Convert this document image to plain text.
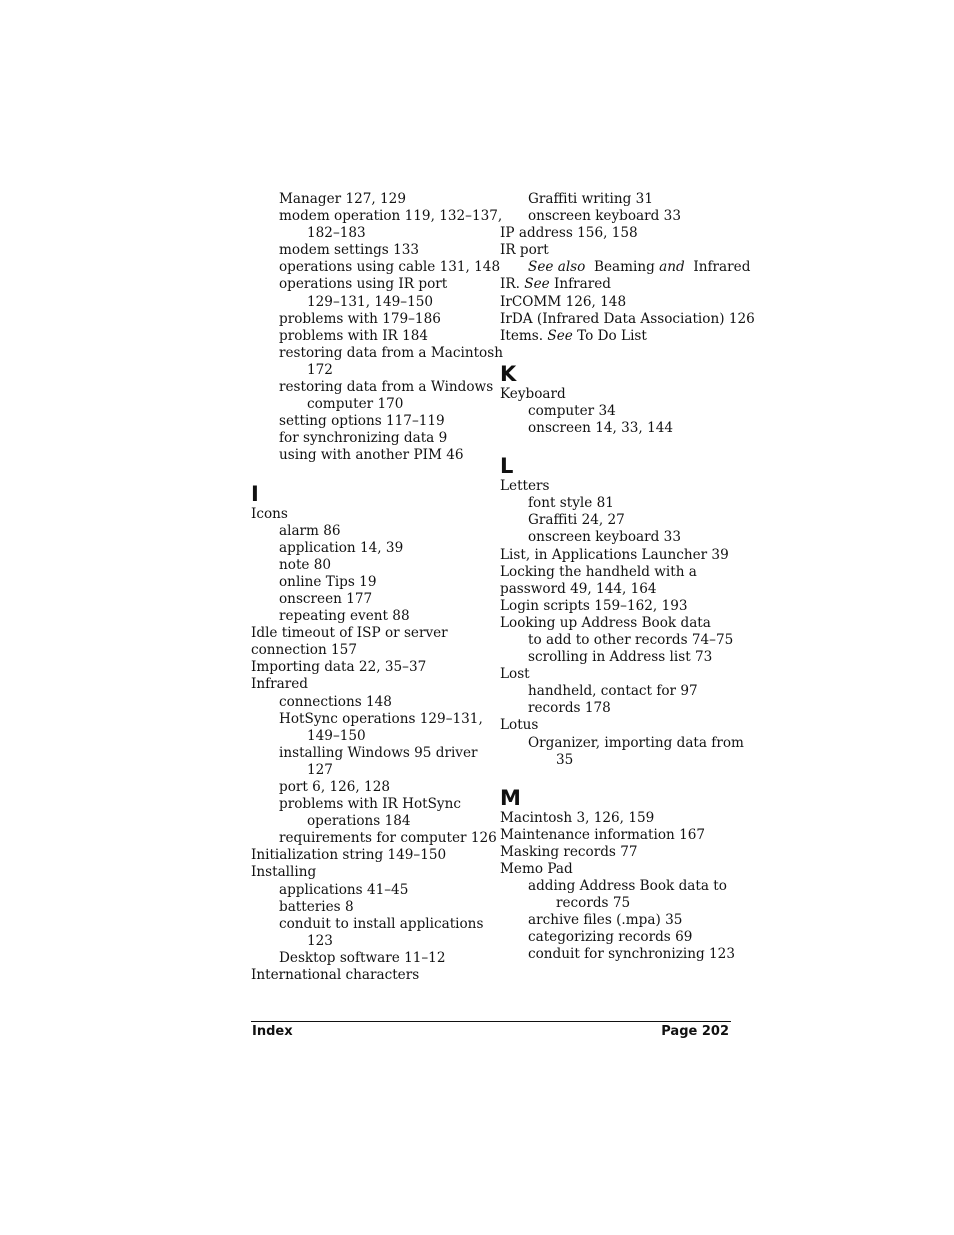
Manager 127, 129
modem operation 119, 132–137,
182–183
modem settings 133
operations using cable 131, 148
operations using IR port
129–131, 149–150
problems with 179–186
problems with IR 184
restoring data from a Macintosh
172
restoring data from a Windows
computer 170
setting options 117–119
for synchronizing data 9
using with another PIM 46
I
Icons
alarm 86
application 14, 39
note 80
online Tips 19
onscreen 177
repeating event 88
Idle timeout of ISP or server
connection 157
Importing data 22, 35–37
Infrared
connections 148
HotSync operations 129–131,
149–150
installing Windows 95 driver
127
port 6, 126, 128
problems with IR HotSync
operations 184
requirements for computer 126
Initialization string 149–150
Installing
applications 41–45
batteries 8
conduit to install applications
123
Desktop software 11–12
International characters
Graffiti writing 31
onscreen keyboard 33
IP address 156, 158
IR port
See also Beaming and Infrared
IR. See Infrared
IrCOMM 126, 148
IrDA (Infrared Data Association) 126
Items. See To Do List
K
Keyboard
computer 34
onscreen 14, 33, 144
L
Letters
font style 81
Graffiti 24, 27
onscreen keyboard 33
List, in Applications Launcher 39
Locking the handheld with a
password 49, 144, 164
Login scripts 159–162, 193
Looking up Address Book data
to add to other records 74–75
scrolling in Address list 73
Lost
handheld, contact for 97
records 178
Lotus
Organizer, importing data from
35
M
Macintosh 3, 126, 159
Maintenance information 167
Masking records 77
Memo Pad
adding Address Book data to
records 75
archive files (.mpa) 35
categorizing records 69
conduit for synchronizing 123
Index	Page 202
